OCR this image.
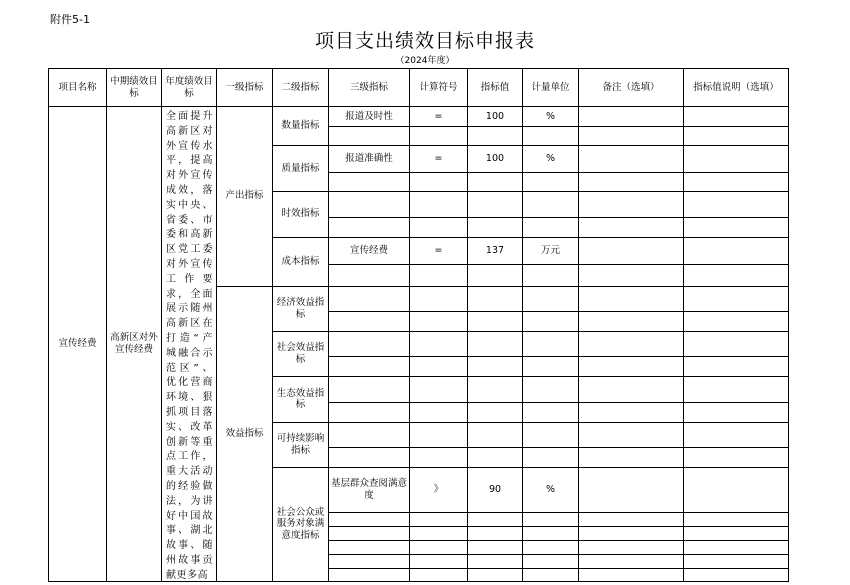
附件5-1
项目支出绩效目标申报表
（2024年度）
项目名称	中期绩效目标	年度绩效目标	一级指标	二级指标	三级指标	计算符号	指标值	计量单位	备注（选填）	指标值说明（选填）

宣传经费	高新区对外宣传经费	全面提升高新区对外宣传水平，提高对外宣传成效，落实中央、省委、市委和高新区党工委对外宣传工作要求，全面展示随州高新区在打造“产城融合示范区”、优化营商环境、狠抓项目落实、改革创新等重点工作，重大活动的经验做法，为讲好中国故事、湖北故事、随州故事贡献更多高	产出指标	数量指标	报道及时性	=	100	%		

				质量指标	报道准确性	=	100	%		

				时效指标						

				成本指标	宣传经费	=	137	万元		

			效益指标	经济效益指标						

				社会效益指标						

				生态效益指标						

				可持续影响指标						

				社会公众或服务对象满意度指标	基层群众查阅满意度	》	90	%		
